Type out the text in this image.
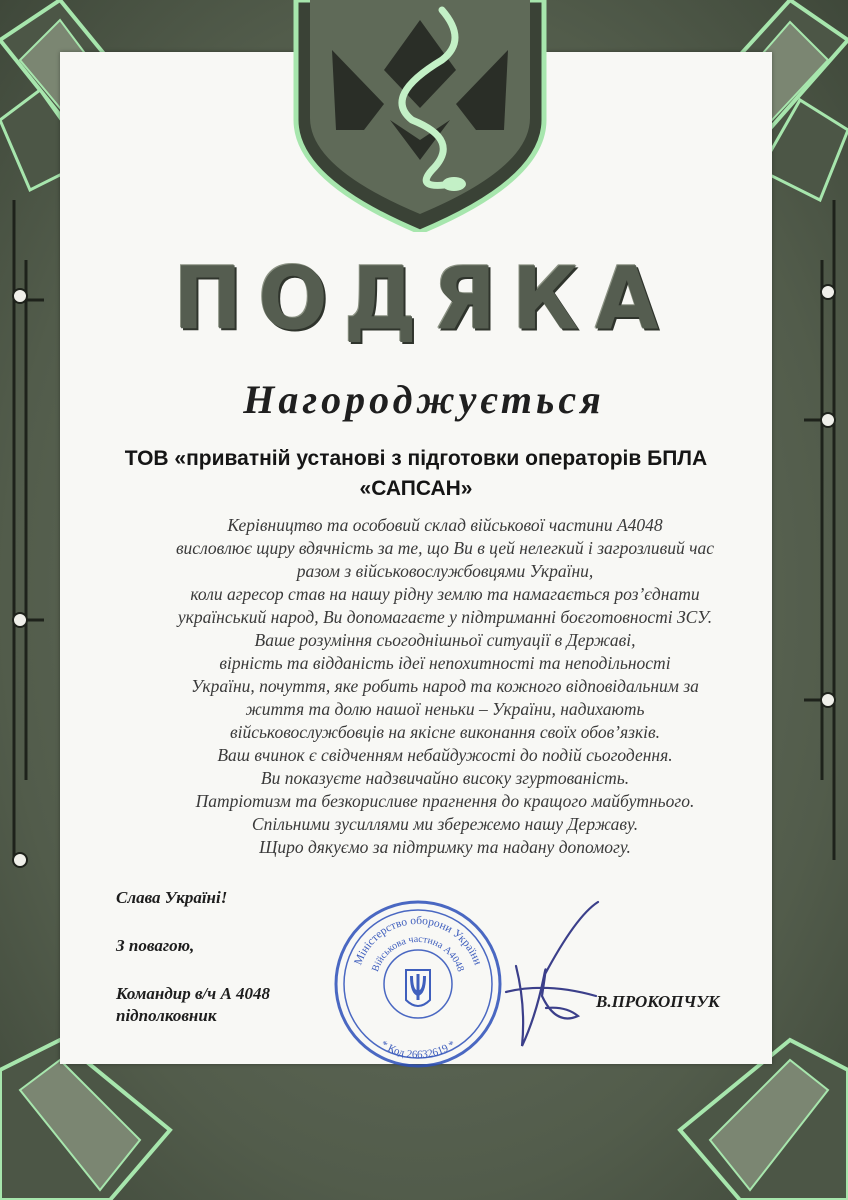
ПОДЯКА
Нагороджується
ТОВ «приватній установі з підготовки операторів БПЛА
«САПСАН»
Керівництво та особовий склад військової частини А4048
висловлює щиру вдячність за те, що Ви в цей нелегкий і загрозливий час
разом з військовослужбовцями України,
коли агресор став на нашу рідну землю та намагається роз’єднати
український народ, Ви допомагаєте у підтриманні боєготовності ЗСУ.
Ваше розуміння сьогоднішньої ситуації в Державі,
вірність та відданість ідеї непохитності та неподільності
України, почуття, яке робить народ та кожного відповідальним за
життя та долю нашої неньки – України, надихають
військовослужбовців на якісне виконання своїх обов’язків.
Ваш вчинок є свідченням небайдужості до подій сьогодення.
Ви показуєте надзвичайно високу згуртованість.
Патріотизм та безкорисливе прагнення до кращого майбутнього.
Спільними зусиллями ми збережемо нашу Державу.
Щиро дякуємо за підтримку та надану допомогу.
Слава Україні!
З повагою,
Командир в/ч А 4048
підполковник
Міністерство оборони України
Військова частина А4048
* Код 26632619 *
В.ПРОКОПЧУК
